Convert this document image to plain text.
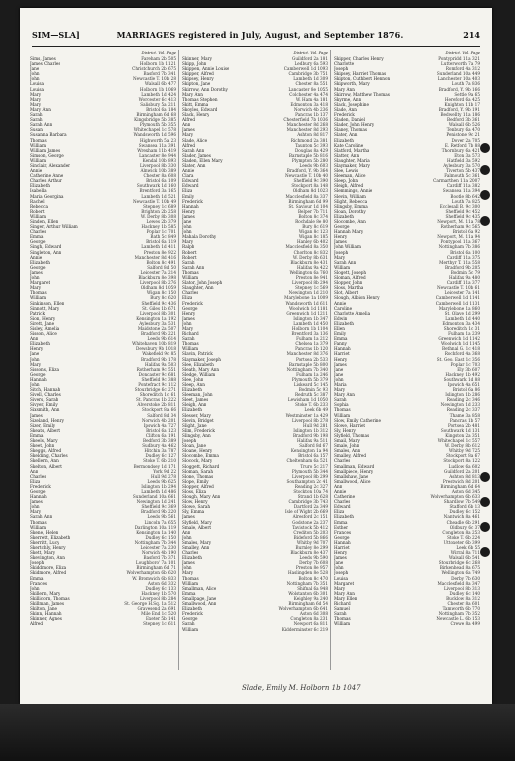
SIM—SLA]	MARRIAGES registered in July, August, and September 1876.	214
District. Vol. Page
Sims, James	Fareham 2b 505
James Charles	Holborn 1b 1121
Jane	Christchurch 2b 675
John	Basford 7b 341
John	Newcastle T. 10b 28
Louisa	Walsall 6b 477
Louisa	Holborn 1b 1069
Mary	Lambeth 1d 424
Mary	Worcester 6c 413
Mary	Salisbury 5a 211
Mary Ann	Bristol 6a 184
Sarah	Birmingham 6d 68
Sarah	Kingsbridge 5b 385
Sarah Ann	Plymouth 5b 355
Susan	Whitechapel 1c 578
Susanna Barbara	Wandsworth 1d 596
Thomas	Highworth 5a 23
William	Swansea 11a 391
William James	Wrexham 11b 419
Simson, George	Lancaster 8e 944
William	Kendal 10b 893
Sinclair, Alexander	Liverpool 8b 330
Annie	Alnwick 10b 389
Catherine Anne	Chester 8a 608
Charles Arthur	Bristol 6a 109
Elizabeth	Southwark 1d 160
Isabella	Brentford 3a 165
Maria Georgina	Lambeth 1d 521
Rachel	Newcastle T. 10b 49
Rebecca	Stepney 1c 689
Robert	Brighton 2b 258
William	W. Derby 8b 308
Sinden, Ellen	Lewes 2b 379
Singer, Arthur William	Hackney 1b 585
Charles	Poplar 1c 701
Emma	Bath 5c 849
George	Bristol 6a 119
Singh, Edward	Lambeth 1d 411
Singleton, Ann	Preston 8e 922
Annie	Manchester 8d 416
Elizabeth	Bolton 8c 491
George	Salford 8d 50
James	Leicester 7a 214
John	Blackburn 8e 398
Margaret	Liverpool 8b 276
Mary	Oldham 8d 1059
Thomas	Wigan 8c 150
William	Bury 8c 620
Sinkinson, Ellen	Sheffield 9c 436
Sinnott, Mary	St. Giles 1b 671
Patrick	Liverpool 8b 301
Sion, Henry	Kensington 1a 192
Sirett, Jane	Aylesbury 3a 531
Sisley, Amelia	Maidstone 2a 507
Sisson, Alice	Bradford 9b 221
Ann	Leeds 9b 614
Elizabeth	Whitehaven 10b 819
Henry	Dewsbury 9b 1018
Jane	Wakefield 9c 85
John	Bradford 9b 178
Mary	Halifax 9a 503
Sissons, Eliza	Rotherham 9c 551
George	Doncaster 9c 681
Hannah	Sheffield 9c 388
John	Pontefract 9c 112
Sitch, Hannah	Stourbridge 6c 271
Sivell, Charles	Shoreditch 1c 61
Sivers, Sarah	St. Pancras 1b 222
Sivyer, Emily	Alverstoke 2b 811
Sixsmith, Ann	Stockport 8a 66
James	Salford 8d 34
Sizeland, Henry	Norwich 4b 201
Sizer, Emily	Ipswich 4a 727
Skeats, Albert	Bristol 6a 123
Emma	Clifton 6a 191
Skeels, Mary	Bedford 3b 389
Skeet, John	Sudbury 4a 462
Skeggs, Alfred	Hitchin 3a 787
Skelding, Charles	Dudley 6c 127
Skellern, Ann	Stoke T. 6b 210
Skelton, Albert	Bermondsey 1d 171
Ann	York 9d 22
Charles	Hull 9d 278
Eliza	Leeds 9b 625
Frederick	Islington 1b 294
George	Lambeth 1d 486
Hannah	Sunderland 10a 661
James	Newington 1d 241
John	Sheffield 9c 369
Mary	Bradford 9b 220
Sarah Ann	Leeds 9b 561
Thomas	Lincoln 7a 655
William	Darlington 10a 119
Skene, Helen	Kensington 1a 140
Skerrett, Elizabeth	Dudley 6c 150
Skerritt, Lucy	Nottingham 7b 344
Skertchly, Henry	Leicester 7a 230
Skett, Mary	Norwich 4b 190
Skevington, Ann	Basford 7b 371
Joseph	Loughboro' 7a 101
Skiddmore, Eliza	Birmingham 6d 71
Skidmore, Alfred	Wolverhampton 6b 620
Emma	W. Bromwich 6b 833
Frances	Aston 6d 332
John	Dudley 6c 133
Skillern, Mary	Hackney 1b 570
Skillicorn, Thomas	Liverpool 8b 284
Skillman, James	St. George H.Sq. 1a 512
Skilton, Jane	Gravesend 2a 691
Skinn, Hannah	Mile End 1c 520
Skinner, Agnes	Exeter 5b 141
Alfred	Stepney 1c 611
District. Vol. Page
Skinner, Mary	Guildford 2a 181
Skipp, John	Ledbury 6a 593
Skippen, Annie Louise	Camberwell 1d 1093
Skipper, Alfred	Cambridge 3b 751
Skipsey, Henry	Lambeth 1d 309
Skipton, Jane	Chester 8a 551
Skirrow, Ann Dorothy	Lancaster 8e 1055
Mary Ann	Colchester 4a 474
Thomas Stephen	W. Ham 4a 181
Skitt, Emma	Edmonton 3a 418
Skoyles, Edward	Norwich 4b 236
Slack, Henry	Pancras 1b 137
Alfred	Chesterfield 7b 1036
Ann	Manchester 8d 268
James	Manchester 8d 293
Mary	Ashton 8d 817
Slade, Alice	Richmond 2a 381
Alfred	Taunton 5c 393
Sarah Ann	Douglas 8a 429
Slader, James	Barnstaple 5b 816
Sladen, Ellen Mary	Plympton 5b 280
Slater, Ann	Leeds 9b 603
Annie	Bradford, Y. 9b 364
Clara	Newcastle T. 10b 40
Edward	Sheffield 9c 390
Edward	Stockport 8a 148
Eliza	Oldham 8d 1023
Emily	Macclesfield 8a 337
Frederick	Birmingham 6d 99
Hannah	St. Saviour 1d 104
Henry	Belper 7b 711
James	Bolton 8c 374
Jane	Rochdale 8e 80
John	Bury 8c 619
John	Wigan 8c 123
Mahala Dorothy	Wigan 8c 185
Mary	Hanley 6b 402
Ralph	Macclesfield 8a 350
Robert	Chorlton 8c 832
Robert	W. Derby 8b 631
Sarah	Blackburn 8e 431
Sarah Ann	Halifax 9a 422
Thomas	Wellington 6a 760
William	Preston 8e 941
Slator, John Joseph	Liverpool 8b 294
Slaughter, Ann	Stepney 1c 569
Charles	Newington 1d 210
Eliza	Marylebone 1a 1009
Frederick	Wandsworth 1d 611
George	Woolwich 1d 1181
Henry	Greenwich 1d 1211
James	Islington 1b 347
John	Lambeth 1d 450
Mary	Holborn 1b 1104
Richard	Brentford 3a 136
Sarah	Fulham 1a 212
Thomas	Chelsea 1a 379
William	Pancras 1b 120
Slavin, Patrick	Manchester 8d 376
Slaymaker, Joseph	Portsea 2b 533
Slee, Elizabeth	Barnstaple 5b 800
Sleath, Mary Ann	Nottingham 7b 340
Sledge, William	Fulham 1a 246
Slee, John	Plymouth 5b 379
Sleep, Ann	Liskeard 5c 145
Elizabeth	Bodmin 5c 93
Sleeman, John	Redruth 5c 387
Sleet, James	Lewisham 1d 1050
Sleigh, Ann	Stoke T. 6b 233
Elizabeth	Leek 6b 49
Slesser, Mary	Westminster 1a 429
Slevin, Bridget	Liverpool 8b 278
Slight, Jane	Hull 9d 281
Slim, Frederick	Islington 1b 312
Slingsby, Ann	Bradford 9b 198
Joseph	Halifax 9a 511
Sloan, Jane	Salford 8d 67
Sloane, Henry	Kensington 1a 94
Slocombe, Emma	Bristol 6a 157
Slocock, Mary	Cheltenham 6a 521
Sloggett, Richard	Truro 5c 217
Sloman, Sarah	Plymouth 5b 344
Slone, Thomas	Liverpool 8b 299
Slope, Emily	Southampton 2c 41
Slopper, Alfred	Reading 2c 327
Sloss, Eliza	Stockton 10a 74
Slough, Mary Ann	Strand 1b 628
Slow, Henry	Cambridge 3b 743
Slowe, Sarah	Dartford 2a 349
Sly, Emma	Isle of Wight 2b 669
James	Alresford 2c 151
Slyfield, Mary	Godstone 2a 237
Smale, Albert	Tavistock 5b 412
Ann	Crediton 5b 203
John	Bideford 5b 866
Smales, Mary	Whitby 9d 707
Smalley, Ann	Burnley 8e 299
Charles	Blackburn 8e 437
Elizabeth	Leeds 9b 590
James	Derby 7b 608
John	Preston 8e 957
Mary	Haslingden 8e 528
Thomas	Bolton 8c 470
William	Nottingham 7b 351
Smallman, Alice	Shifnal 6a 948
Emma	Wolstanton 6b 301
Smallpage, Jane	Keighley 9a 240
Smallwood, Ann	Birmingham 6d 54
Elizabeth	Wolverhampton 6b 641
Frederick	Aston 6d 308
George	Congleton 8a 231
Sarah	Newport 6a 811
William	Kidderminster 6c 219
District. Vol. Page
Skipper, Charles Henry	Pontypridd 11a 321
Charlotte	Lutterworth 7a 79
Joseph	Romford 4a 312
Skipsey, Harriet Thomas	Sunderland 10a 449
Skipton, Cuthbert Hennon	Lanchester 10a 403
Skipworth, Mary	Louth 7a 836
Mary Ann	Bradford, Y. 9b 166
Skirrow, Matthew Thomas	Settle 9a 65
Skyrme, Ann	Hereford 6a 425
Slack, Josephine	Knighton 11b 17
Slade, Ann	Bradford, Y. 9b 191
Frederick	Bedwellty 11a 186
Sladen, Daniel	Bedford 3b 361
Slader, John Henry	Walsall 6b 526
Slaney, Thomas	Tenbury 6a 470
Slater, Ann	Penistone 9c 21
Elizabeth	Dover 2a 705
Kate Caroline	E. Retford 7b 88
Slatford, Martha	Thornbury 6a 421
Slatter, Ann	Eton 3a 573
Slaughter, Maria	Hatfield 3a 592
Slaymaker, Mary	Aylesbury 3a 570
Slee, Lewis	Tiverton 5b 437
Sleeman, Alice	Falmouth 5c 361
Sleep, John	Carmarthen 11a 2007
Sleigh, Alfred	Cardiff 11a 382
Slemmings, Annie	Swansea 11a 394
Slevin, William	Bootle 8b 642
Slight, Rebecca	Louth 7a 825
Slingsby, Emma	Ecclesall B. 9c 300
Sloan, Dorothy	Sheffield 9c 452
Elizabeth	Sheffield 9c 435
Slocombe, Ann	Newport, M. 11a 78
George	Rotherham 9c 565
Hannah Mary	Bristol 6a 92
Henry	Newport, M. 11a 94
James	Pontypool 11a 367
John William	Nottingham 7b 386
Joseph	Bristol 6a 100
Mary	Cardiff 11a 375
Sarah Ann	Merthyr T. 11a 558
William	Bradford 9b 205
Slogett, Joseph	Bodmin 5c 79
Sloman, Alfred	Halifax 9a 480
Slopper, John	Cardiff 11a 377
Sloss, Martha	Newcastle T. 10b 61
Slot, Albert	Leicester 7a 141
Slough, Albion Henry	Camberwell 1d 1141
Annie	Camberwell 1d 1131
Caroline	Marylebone 1a 860
Charlotte Amelia	St. Olave 1d 299
Edwin	Lambeth 1d 440
Elizabeth	Edmonton 3a 434
Ellen	Shoreditch 1c 31
Emily	Fulham 1a 239
Emma	Greenwich 1d 1142
Fanny	Woolwich 1d 1145
Hannah	Bethnal G. 1c 418
Harriet	Rochford 4a 368
Henry	St. Geo. East 1c 356
James	Poplar 1c 703
Jane	Ely 3b 607
Jane	Hackney 1b 492
John	Southwark 1d 88
Maria	Ipswich 4a 651
Mary	Bristol 6a 86
Mary Ann	Islington 1b 286
Sarah	Reading 2c 346
Sophia	Newington 1d 233
Thomas	Reading 2c 337
William	Thame 3a 858
Slow, Emily Catherine	Pancras 1b 57
Slowe, Harriet	Portsea 2b 481
Sly, Henry	Southwark 1d 131
Slyfield, Thomas	Kingston 2a 351
Smail, Mary	Whitechapel 1c 557
Smale, John	W. Derby 8b 612
Smales, Ann	Whitby 9d 725
Smalley, Alfred	Stockport 8a 67
Charles	Stockport 8a 122
Smallman, Edward	Ludlow 6a 602
Smallpiece, Henry	Guildford 2a 201
Smallshaw, Jane	Ashton 8d 813
Smallwood, Alice	Prestwich 8d 201
Ann	Birmingham 6d 64
Annie	Aston 6d 345
Catherine	Wolverhampton 6b 633
Charles	Shardlow 7b 549
Edward	Stafford 6b 13
Eliza	Dudley 6c 152
Elizabeth	Nantwich 8a 461
Emma	Cheadle 6b 291
Esther	Oldbury 6c 37
Frances	Congleton 8a 253
George	Stoke T. 6b 224
Hannah	Uttoxeter 6b 399
Harriet	Leek 6b 55
Henry	Wirral 8a 711
James	Walsall 6b 541
Jane	Stourbridge 6c 268
John	Birkenhead 8a 675
Joseph	Wellington 6a 749
Louisa	Derby 7b 630
Margaret	Macclesfield 8a 347
Mary	Liverpool 8b 313
Mary Ann	Dudley 6c 140
Mary Ellen	Bucklow 8a 312
Richard	Chester 8a 601
Samuel	Tamworth 6b 770
Sarah	Nottingham 7b 352
Thomas	Newcastle L. 6b 153
William	Crewe 8a 499
Slade, Emily M. Holborn 1b 1047
